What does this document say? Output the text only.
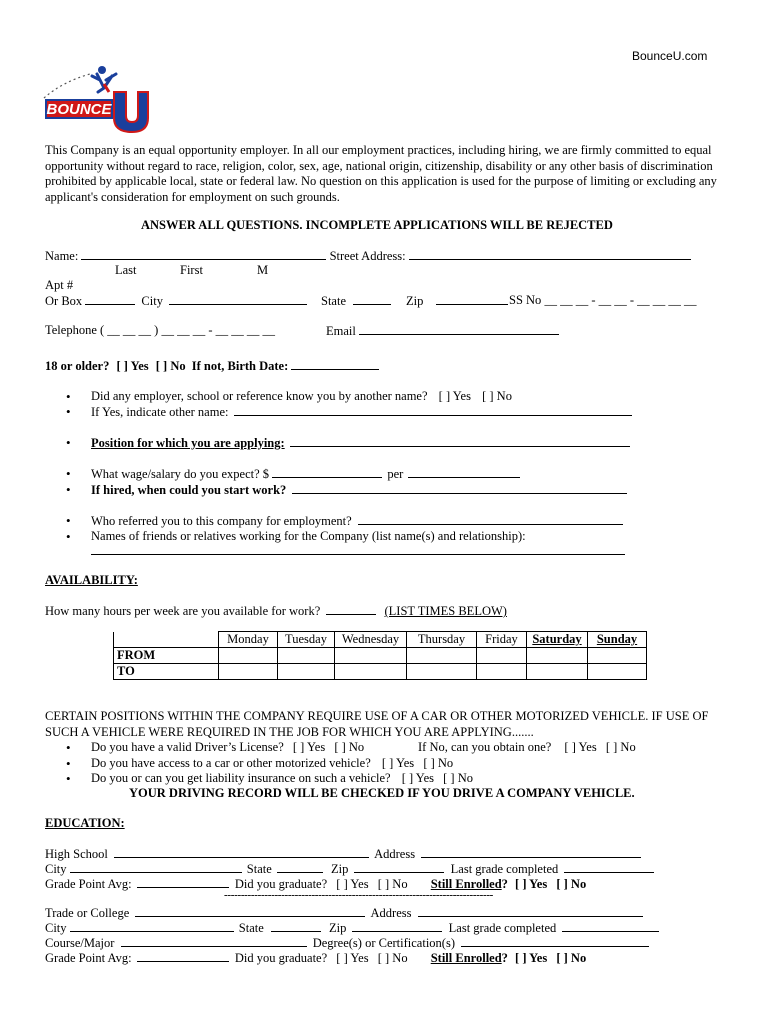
BounceU.com
BOUNCE
This Company is an equal opportunity employer. In all our employment practices, including hiring, we are firmly committed to equal opportunity without regard to race, religion, color, sex, age, national origin, citizenship, disability or any other basis of discrimination prohibited by applicable local, state or federal law. No question on this application is used for the purpose of limiting or excluding any applicant's consideration for employment on such grounds.
ANSWER ALL QUESTIONS. INCOMPLETE APPLICATIONS WILL BE REJECTED
Name:	Street Address:
Last	First	M
Apt #
Or Box	City	State	Zip	SS No __ __ __ - __ __ - __ __ __ __
Telephone ( __ __ __ ) __ __ __ - __ __ __ __	Email
18 or older? [ ] Yes [ ] No If not, Birth Date:
• Did any employer, school or reference know you by another name? [ ] Yes [ ] No
• If Yes, indicate other name:
• Position for which you are applying:
• What wage/salary do you expect? $	per
• If hired, when could you start work?
• Who referred you to this company for employment?
• Names of friends or relatives working for the Company (list name(s) and relationship):
AVAILABILITY:
How many hours per week are you available for work?	(LIST TIMES BELOW)
	Monday	Tuesday	Wednesday	Thursday	Friday	Saturday	Sunday
FROM							
TO							
CERTAIN POSITIONS WITHIN THE COMPANY REQUIRE USE OF A CAR OR OTHER MOTORIZED VEHICLE. IF USE OF SUCH A VEHICLE WERE REQUIRED IN THE JOB FOR WHICH YOU ARE APPLYING.......
• Do you have a valid Driver’s License? [ ] Yes [ ] No	If No, can you obtain one? [ ] Yes [ ] No
• Do you have access to a car or other motorized vehicle? [ ] Yes [ ] No
• Do you or can you get liability insurance on such a vehicle? [ ] Yes [ ] No
YOUR DRIVING RECORD WILL BE CHECKED IF YOU DRIVE A COMPANY VEHICLE.
EDUCATION:
High School	Address
City	State	Zip	Last grade completed
Grade Point Avg:	Did you graduate? [ ] Yes [ ] No Still Enrolled? [ ] Yes [ ] No
--------------------------------------------------------------------------------
Trade or College	Address
City	State	Zip	Last grade completed
Course/Major	Degree(s) or Certification(s)
Grade Point Avg:	Did you graduate? [ ] Yes [ ] No Still Enrolled? [ ] Yes [ ] No
